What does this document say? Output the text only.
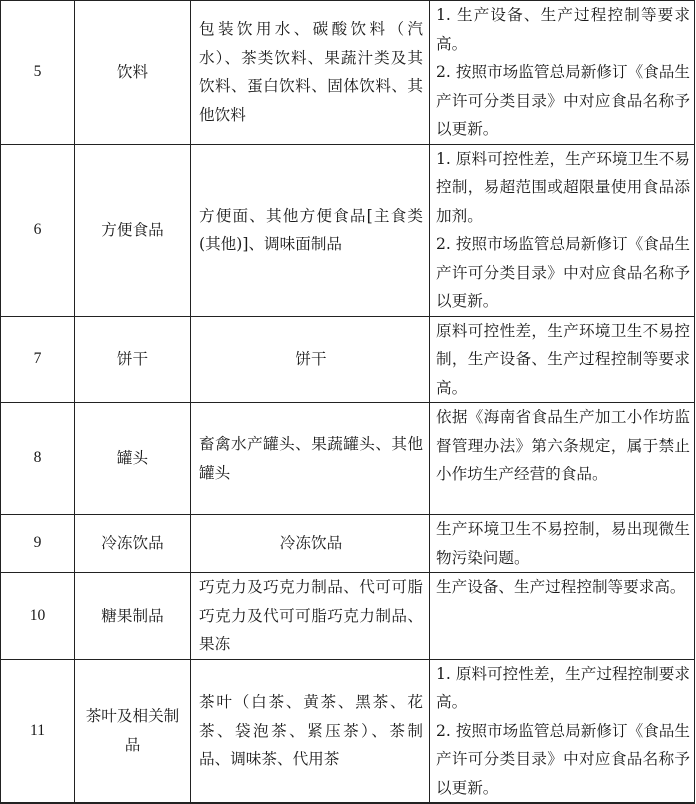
5	饮料	包装饮用水、碳酸饮料（汽水）、茶类饮料、果蔬汁类及其饮料、蛋白饮料、固体饮料、其他饮料	1. 生产设备、生产过程控制等要求高。
2. 按照市场监管总局新修订《食品生产许可分类目录》中对应食品名称予以更新。

6	方便食品	方便面、其他方便食品[主食类(其他)]、调味面制品	1. 原料可控性差，生产环境卫生不易控制，易超范围或超限量使用食品添加剂。
2. 按照市场监管总局新修订《食品生产许可分类目录》中对应食品名称予以更新。

7	饼干	饼干	原料可控性差，生产环境卫生不易控制，生产设备、生产过程控制等要求高。

8	罐头	畜禽水产罐头、果蔬罐头、其他罐头	依据《海南省食品生产加工小作坊监督管理办法》第六条规定，属于禁止小作坊生产经营的食品。

9	冷冻饮品	冷冻饮品	生产环境卫生不易控制，易出现微生物污染问题。

10	糖果制品	巧克力及巧克力制品、代可可脂巧克力及代可可脂巧克力制品、果冻	生产设备、生产过程控制等要求高。

11	茶叶及相关制品	茶叶（白茶、黄茶、黑茶、花茶、袋泡茶、紧压茶）、茶制品、调味茶、代用茶	1. 原料可控性差，生产过程控制要求高。
2. 按照市场监管总局新修订《食品生产许可分类目录》中对应食品名称予以更新。
